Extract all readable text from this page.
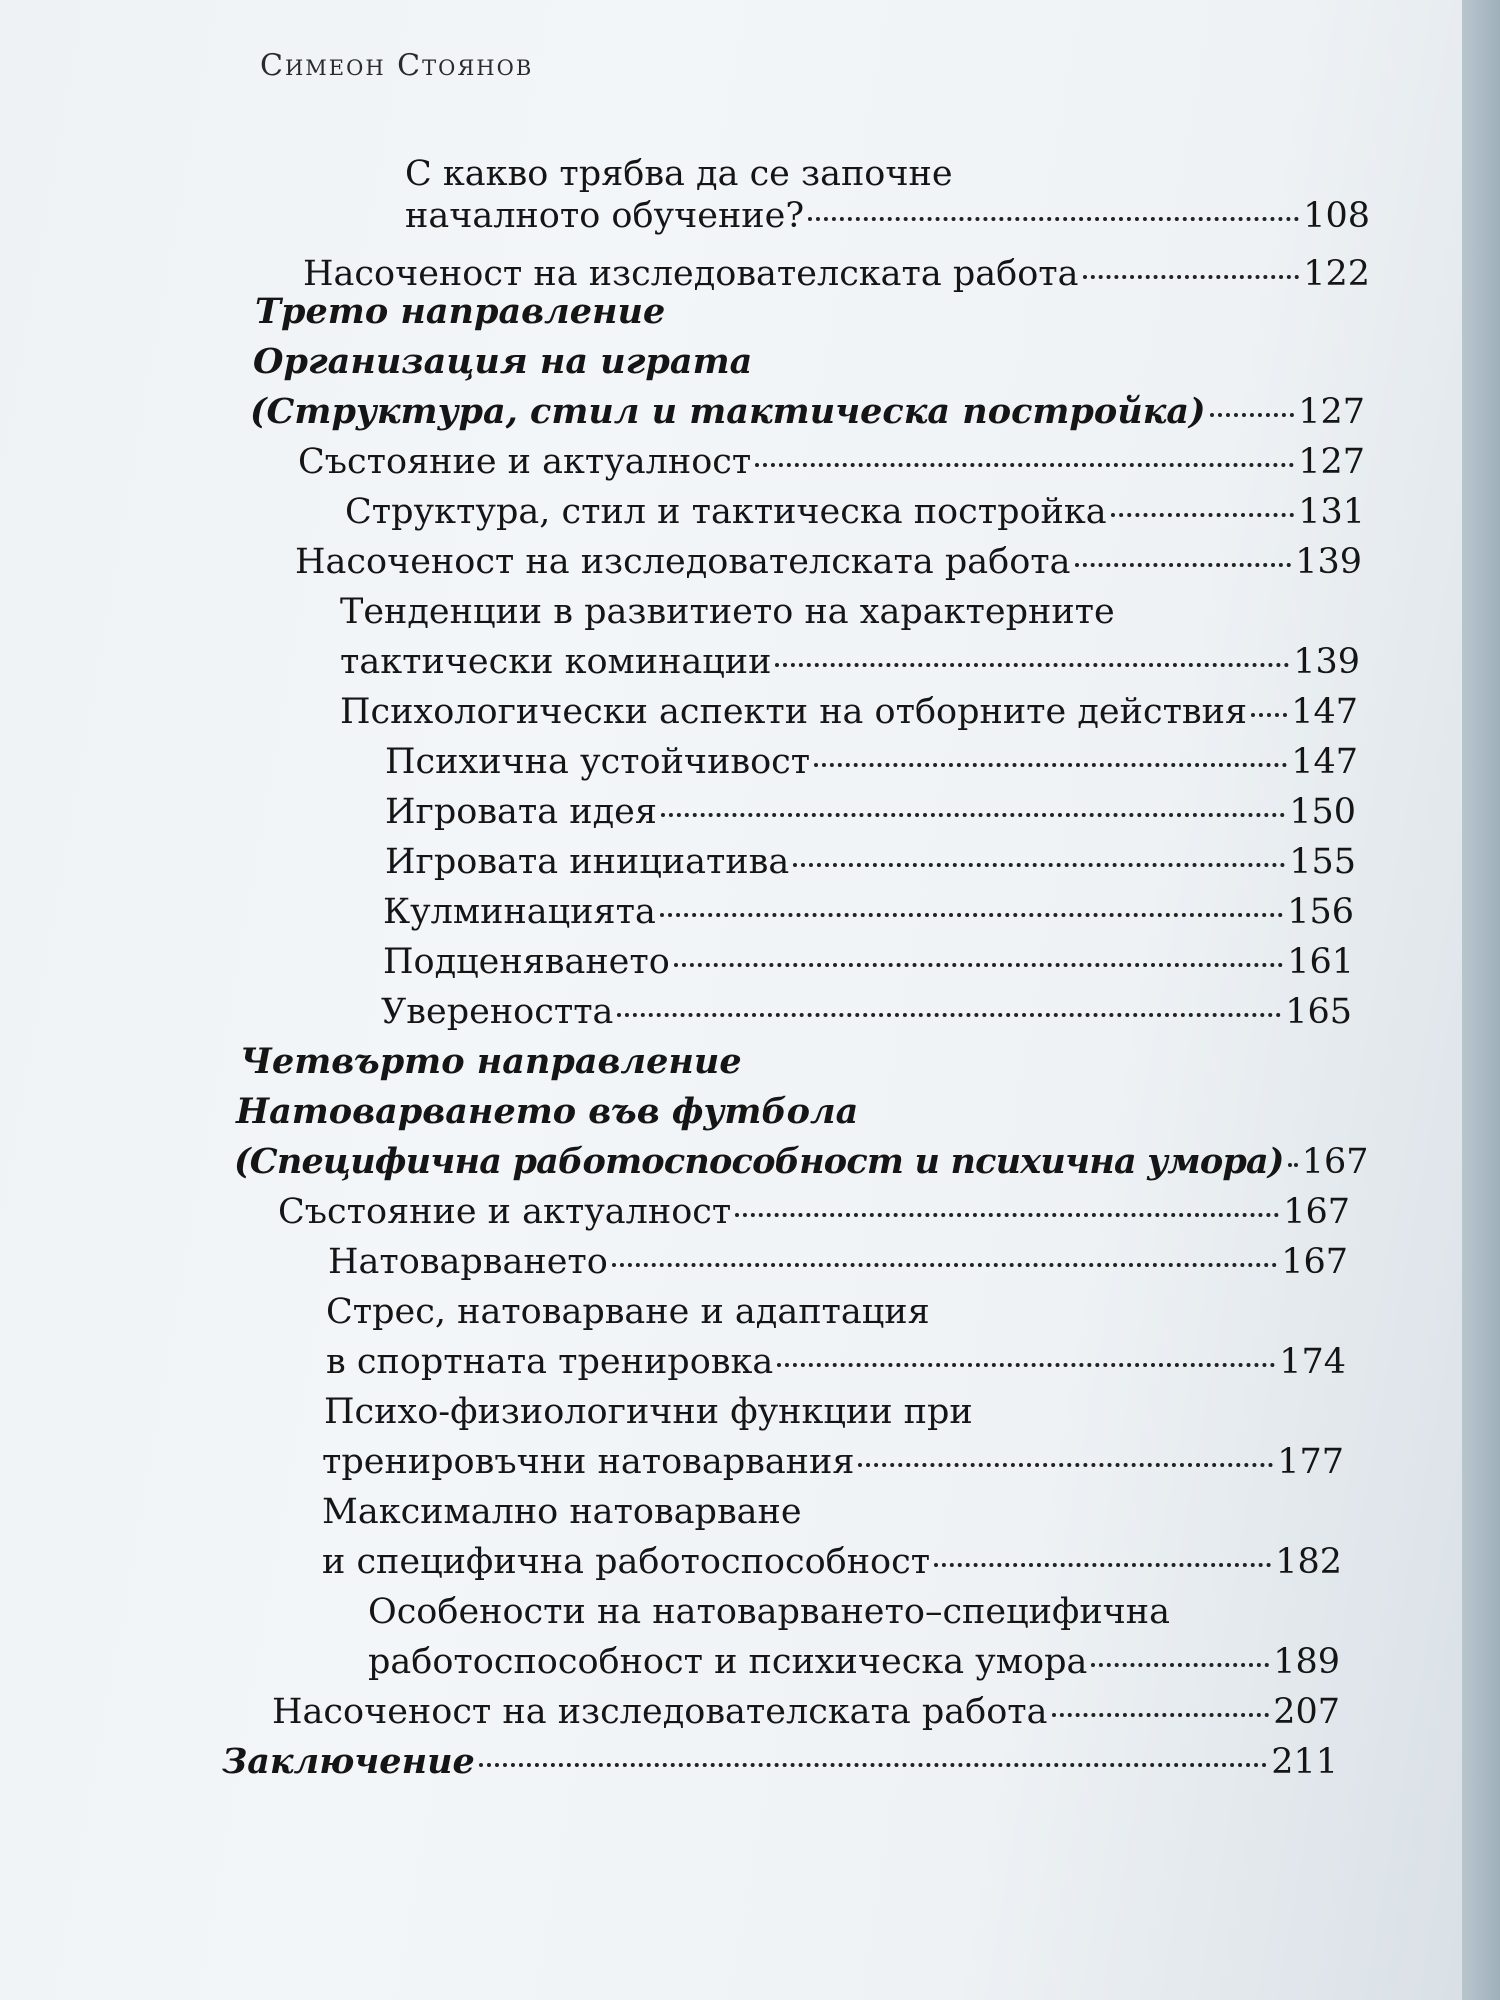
Симеон Стоянов
С какво трябва да се започне
началното обучение?	108
Насоченост на изследователската работа	122
Трето направление
Организация на играта
(Структура, стил и тактическа постройка)	127
Състояние и актуалност	127
Структура, стил и тактическа постройка	131
Насоченост на изследователската работа	139
Тенденции в развитието на характерните
тактически коминации	139
Психологически аспекти на отборните действия 147
Психична устойчивост	147
Игровата идея	150
Игровата инициатива	155
Кулминацията	156
Подценяването	161
Увереността	165
Четвърто направление
Натоварването във футбола
(Специфична работоспособност и психична умора) 167
Състояние и актуалност	167
Натоварването	167
Стрес, натоварване и адаптация
в спортната тренировка	174
Психо-физиологични функции при
тренировъчни натоварвания	177
Максимално натоварване
и специфична работоспособност	182
Особености на натоварването–специфична
работоспособност и психическа умора	189
Насоченост на изследователската работа	207
Заключение	211
